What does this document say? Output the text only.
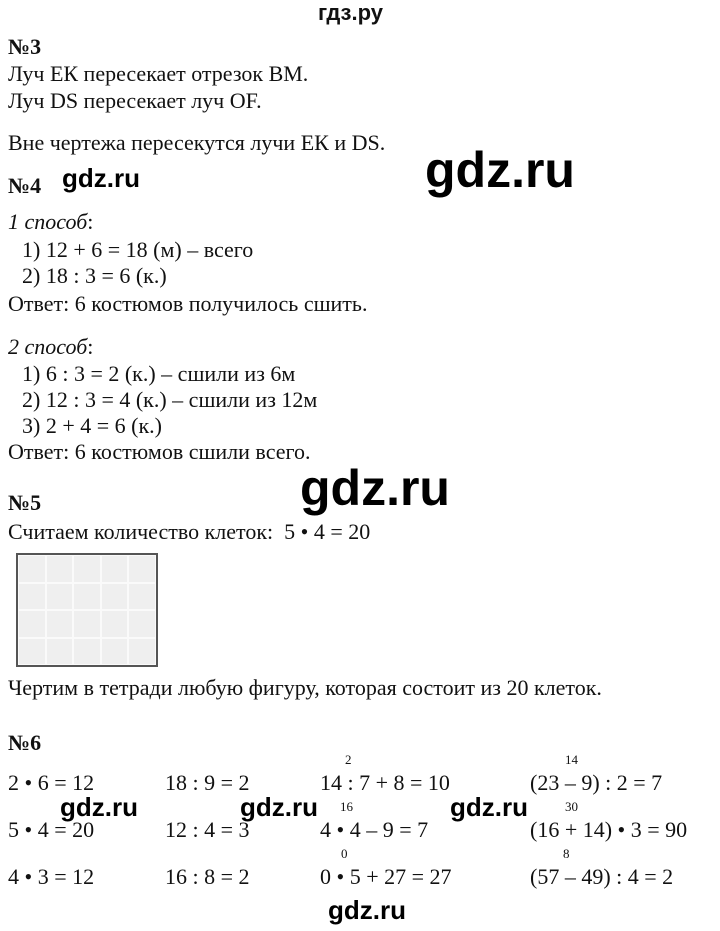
гдз.ру
№3
Луч ЕК пересекает отрезок ВМ.
Луч DS пересекает луч OF.
Вне чертежа пересекутся лучи ЕК и DS. gdz.ru
gdz.ru
№4
1 способ:
1) 12 + 6 = 18 (м) – всего
2) 18 : 3 = 6 (к.)
Ответ: 6 костюмов получилось сшить.
2 способ:
1) 6 : 3 = 2 (к.) – сшили из 6м
2) 12 : 3 = 4 (к.) – сшили из 12м
3) 2 + 4 = 6 (к.)
Ответ: 6 костюмов сшили всего.
gdz.ru
№5
Считаем количество клеток:  5 • 4 = 20
Чертим в тетради любую фигуру, которая состоит из 20 клеток.
№6
2 • 6 = 12	18 : 9 = 2	14 : 7 + 8 = 10	(23 – 9) : 2 = 7
2	14
5 • 4 = 20	12 : 4 = 3	4 • 4 – 9 = 7	(16 + 14) • 3 = 90
16	30
4 • 3 = 12	16 : 8 = 2	0 • 5 + 27 = 27	(57 – 49) : 4 = 2
0	8
gdz.ru	gdz.ru	gdz.ru
gdz.ru
